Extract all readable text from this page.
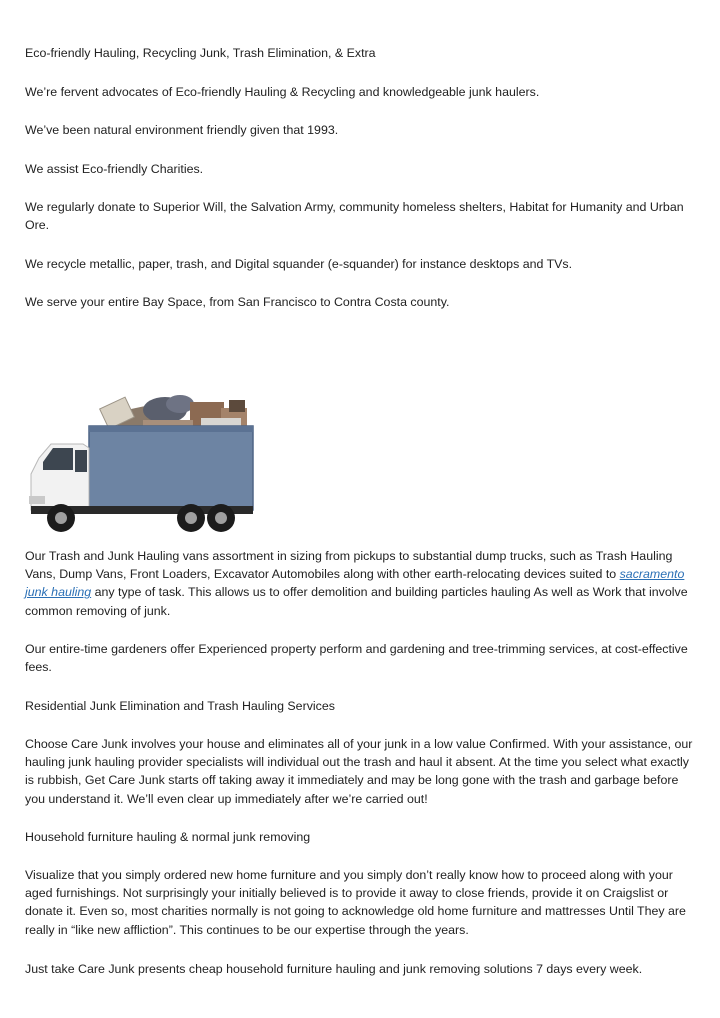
Eco-friendly Hauling, Recycling Junk, Trash Elimination, & Extra

We’re fervent advocates of Eco-friendly Hauling & Recycling and knowledgeable junk haulers.

We’ve been natural environment friendly given that 1993.

We assist Eco-friendly Charities.

We regularly donate to Superior Will, the Salvation Army, community homeless shelters, Habitat for Humanity and Urban Ore.

We recycle metallic, paper, trash, and Digital squander (e-squander) for instance desktops and TVs.

We serve your entire Bay Space, from San Francisco to Contra Costa county.

Our Trash and Junk Hauling vans assortment in sizing from pickups to substantial dump trucks, such as Trash Hauling Vans, Dump Vans, Front Loaders, Excavator Automobiles along with other earth-relocating devices suited to sacramento junk hauling any type of task. This allows us to offer demolition and building particles hauling As well as Work that involve common removing of junk.

Our entire-time gardeners offer Experienced property perform and gardening and tree-trimming services, at cost-effective fees.

Residential Junk Elimination and Trash Hauling Services

Choose Care Junk involves your house and eliminates all of your junk in a low value Confirmed. With your assistance, our hauling junk hauling provider specialists will individual out the trash and haul it absent. At the time you select what exactly is rubbish, Get Care Junk starts off taking away it immediately and may be long gone with the trash and garbage before you understand it. We’ll even clear up immediately after we’re carried out!

Household furniture hauling & normal junk removing

Visualize that you simply ordered new home furniture and you simply don’t really know how to proceed along with your aged furnishings. Not surprisingly your initially believed is to provide it away to close friends, provide it on Craigslist or donate it. Even so, most charities normally is not going to acknowledge old home furniture and mattresses Until They are really in “like new affliction”. This continues to be our expertise through the years.

Just take Care Junk presents cheap household furniture hauling and junk removing solutions 7 days every week.
